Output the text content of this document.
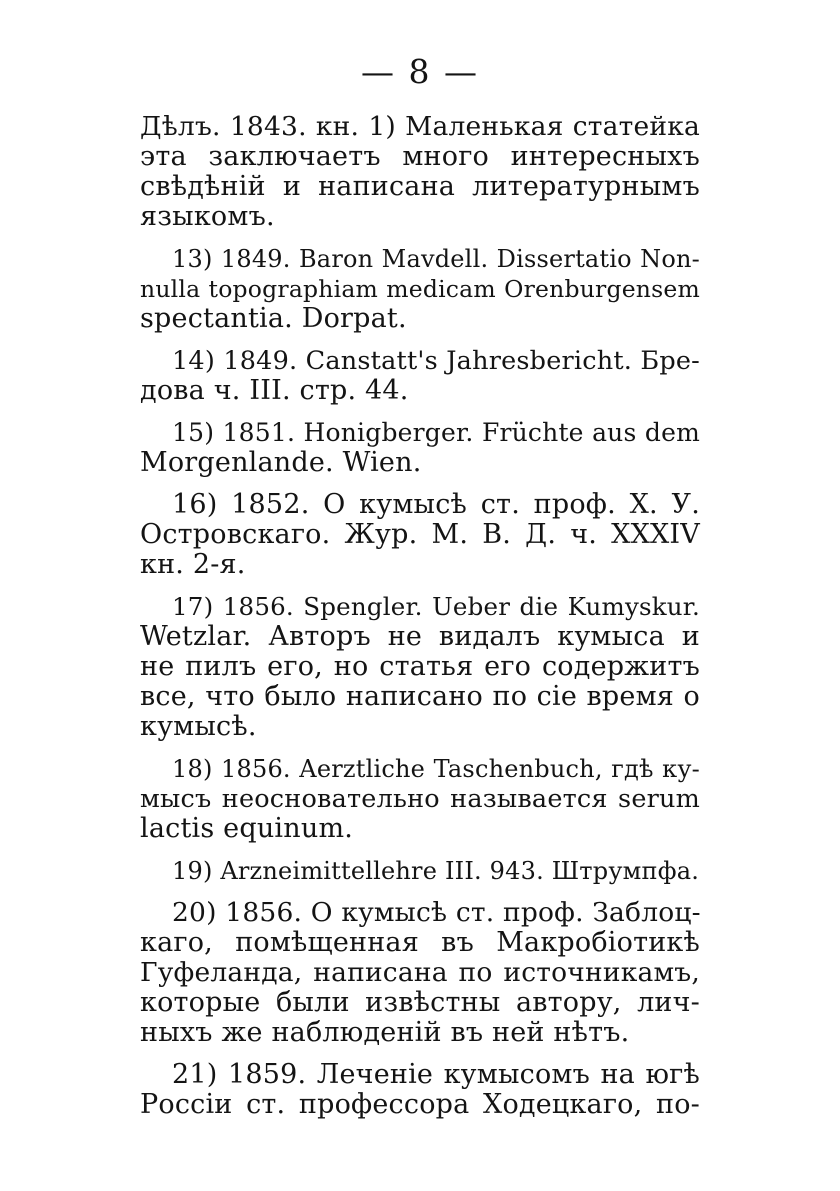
— 8 —
Дѣлъ. 1843. кн. 1) Маленькая статейка
эта заключаетъ много интересныхъ
свѣдѣній и написана литературнымъ
языкомъ.
13) 1849. Baron Mavdell. Dissertatio Non-
nulla topographiam medicam Orenburgensem
spectantia. Dorpat.
14) 1849. Canstatt's Jahresbericht. Бре-
дова ч. III. стр. 44.
15) 1851. Honigberger. Früchte aus dem
Morgenlande. Wien.
16) 1852. О кумысѣ ст. проф. Х. У.
Островскаго. Жур. М. В. Д. ч. XXXIV
кн. 2-я.
17) 1856. Spengler. Ueber die Kumyskur.
Wetzlar. Авторъ не видалъ кумыса и
не пилъ его, но статья его содержитъ
все, что было написано по сіе время о
кумысѣ.
18) 1856. Aerztliche Taschenbuch, гдѣ ку-
мысъ неосновательно называется serum
lactis equinum.
19) Arzneimittellehre III. 943. Штрумпфа.
20) 1856. О кумысѣ ст. проф. Заблоц-
каго, помѣщенная въ Макробіотикѣ
Гуфеланда, написана по источникамъ,
которые были извѣстны автору, лич-
ныхъ же наблюденій въ ней нѣтъ.
21) 1859. Леченіе кумысомъ на югѣ
Россіи ст. профессора Ходецкаго, по-
